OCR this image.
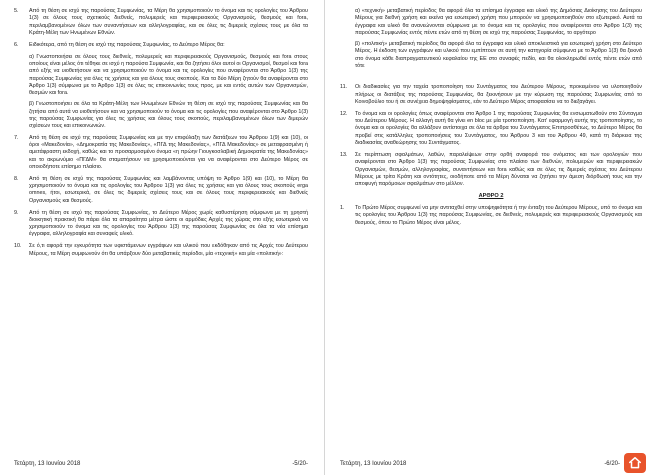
5.	Από τη θέση σε ισχύ της παρούσας Συμφωνίας, τα Μέρη θα χρησιμοποιούν το όνομα και τις ορολογίες του Άρθρου 1(3) σε όλους τους σχετικούς διεθνείς, πολυμερείς και περιφερειακούς Οργανισμούς, θεσμούς και fora, περιλαμβανομένων όλων των συναντήσεων και αλληλογραφίας, και σε όλες τις διμερείς σχέσεις τους με όλα τα Κράτη-Μέλη των Ηνωμένων Εθνών.
6.	Ειδικότερα, από τη θέση σε ισχύ της παρούσας Συμφωνίας, το Δεύτερο Μέρος θα:
α) Γνωστοποιήσει σε όλους τους διεθνείς, πολυμερείς και περιφερειακούς Οργανισμούς, θεσμούς και fora στους οποίους είναι μέλος ότι τέθηκε σε ισχύ η παρούσα Συμφωνία, και θα ζητήσει όλοι αυτοί οι Οργανισμοί, θεσμοί και fora από εξής να υιοθετήσουν και να χρησιμοποιούν το όνομα και τις ορολογίες που αναφέρονται στο Άρθρο 1(3) της παρούσας Συμφωνίας για όλες τις χρήσεις και για όλους τους σκοπούς. Και τα δύο Μέρη ζητούν θα αναφέρονται στο Άρθρο 1(3) σύμφωνα με το Άρθρο 1(3) σε όλες τις επικοινωνίες τους προς, με και εντός αυτών των Οργανισμών, θεσμών και fora.
β) Γνωστοποιήσει σε όλα τα Κράτη-Μέλη των Ηνωμένων Εθνών τη θέση σε ισχύ της παρούσας Συμφωνίας και θα ζητήσει από αυτά να υιοθετήσουν και να χρησιμοποιούν το όνομα και τις ορολογίες που αναφέρονται στο Άρθρο 1(3) της παρούσας Συμφωνίας για όλες τις χρήσεις και όλους τους σκοπούς, περιλαμβανομένων όλων των διμερών σχέσεων τους και επικοινωνιών.
7.	Από τη θέση σε ισχύ της παρούσας Συμφωνίας και με την επιφύλαξη των διατάξεων του Άρθρου 1(9) και (10), οι όροι «Μακεδονία», «Δημοκρατία της Μακεδονίας», «ΠΓΔ της Μακεδονίας», «ΠΓΔ Μακεδονίας» σε μεταφρασμένη ή αμετάφραστη εκδοχή, καθώς και το προσαρμοσμένο όνομα «η πρώην Γιουγκοσλαβική Δημοκρατία της Μακεδονίας» και το ακρωνύμιο «ΠΓΔΜ» θα σταματήσουν να χρησιμοποιούνται για να αναφέρονται στο Δεύτερο Μέρος σε οποιοδήποτε επίσημο πλαίσιο.
8.	Από τη θέση σε ισχύ της παρούσας Συμφωνίας και λαμβάνοντας υπόψη το Άρθρο 1(9) και (10), το Μέρη θα χρησιμοποιούν το όνομα και τις ορολογίες του Άρθρου 1(3) για όλες τις χρήσεις και για όλους τους σκοπούς erga omnes, ήτοι, εσωτερικά, σε όλες τις διμερείς σχέσεις τους και σε όλους τους περιφερειακούς και διεθνείς Οργανισμούς και θεσμούς.
9.	Από τη θέση σε ισχύ της παρούσας Συμφωνίας, το Δεύτερο Μέρος χωρίς καθυστέρηση σύμφωνα με τη χρηστή διοικητική πρακτική θα πάρει όλα τα απαραίτητα μέτρα ώστε οι αρμόδιες Αρχές της χώρας στο εξής εσωτερικά να χρησιμοποιούν το όνομα και τις ορολογίες του Άρθρου 1(3) της παρούσας Συμφωνίας σε όλα τα νέα επίσημα έγγραφα, αλληλογραφία και συναφείς υλικό.
10.	Σε ό,τι αφορά την εγκυρότητα των υφιστάμενων εγγράφων και υλικού που εκδόθηκαν από τις Αρχές του Δεύτερου Μέρους, τα Μέρη συμφωνούν ότι θα υπάρξουν δύο μεταβατικές περίοδοι, μία «τεχνική» και μία «πολιτική»:
α) «τεχνική» μεταβατική περίοδος θα αφορά όλα τα επίσημα έγγραφα και υλικό της Δημόσιας Διοίκησης του Δεύτερου Μέρους για διεθνή χρήση και εκείνα για εσωτερική χρήση που μπορούν να χρησιμοποιηθούν στο εξωτερικό. Αυτά τα έγγραφα και υλικό θα ανανεώνονται σύμφωνα με το όνομα και τις ορολογίες που αναφέρονται στο Άρθρο 1(3) της παρούσας Συμφωνίας εντός πέντε ετών από τη θέση σε ισχύ της παρούσας Συμφωνίας, το αργότερο
β) «πολιτική» μεταβατική περίοδος θα αφορά όλα τα έγγραφα και υλικό αποκλειστικά για εσωτερική χρήση στο Δεύτερο Μέρος. Η έκδοση των εγγράφων και υλικού που εμπίπτουν σε αυτή την κατηγορία σύμφωνα με το Άρθρο 1(3) θα ξεκινά στο όνομα κάθε διαπραγματευτικού κεφαλαίου της ΕΕ στο συναφές πεδίο, και θα ολοκληρωθεί εντός πέντε ετών από τότε
11.	Οι διαδικασίες για την ταχεία τροποποίηση του Συντάγματος του Δεύτερου Μέρους, προκειμένου να υλοποιηθούν πλήρως οι διατάξεις της παρούσας Συμφωνίας, θα ξεκινήσουν με την κύρωση της παρούσας Συμφωνίας από το Κοινοβούλιο του ή σε συνέχεια δημοψηφίσματος, εάν το Δεύτερο Μέρος αποφασίσει να το διεξαγάγει.
12.	Το όνομα και οι ορολογίες όπως αναφέρονται στο Άρθρο 1 της παρούσας Συμφωνίας θα ενσωματωθούν στο Σύνταγμα του Δεύτερου Μέρους. Η αλλαγή αυτή θα γίνει en bloc με μία τροποποίηση. Κατ' εφαρμογή αυτής της τροποποίησης, το όνομα και οι ορολογίες θα αλλάξουν αντίστοιχα σε όλα τα άρθρα του Συντάγματος Επιπροσθέτως, το Δεύτερο Μέρος θα προβεί στις κατάλληλες τροποποιήσεις του Συντάγματος, του Άρθρου 3 και του Άρθρου 49, κατά τη διάρκεια της διαδικασίας αναθεώρησης του Συντάγματος.
13.	Σε περίπτωση σφαλμάτων, λαθών, παραλείψεων στην ορθή αναφορά του ονόματος και των ορολογιών που αναφέρονται στο Άρθρο 1(3) της παρούσας Συμφωνίας στο πλαίσιο των διεθνών, πολυμερών και περιφερειακών Οργανισμών, θεσμών, αλληλογραφίας, συναντήσεων και fora καθώς και σε όλες τις διμερείς σχέσεις του Δεύτερου Μέρους με τρίτα Κράτη και οντότητες, οιοδήποτε από τα Μέρη δύναται να ζητήσει την άμεση διόρθωσή τους και την αποφυγή παρόμοιων σφαλμάτων στο μέλλον.
ΑΡΘΡΟ 2
1.	Το Πρώτο Μέρος συμφωνεί να μην αντιταχθεί στην υποψηφιότητα ή την ένταξη του Δεύτερου Μέρους, υπό το όνομα και τις ορολογίες του Άρθρου 1(3) της παρούσας Συμφωνίας, σε διεθνείς, πολυμερείς και περιφερειακούς Οργανισμούς και θεσμούς, όπου το Πρώτο Μέρος είναι μέλος.
Τετάρτη, 13 Ιουνίου 2018	-5/20-	Τετάρτη, 13 Ιουνίου 2018	-6/20-
